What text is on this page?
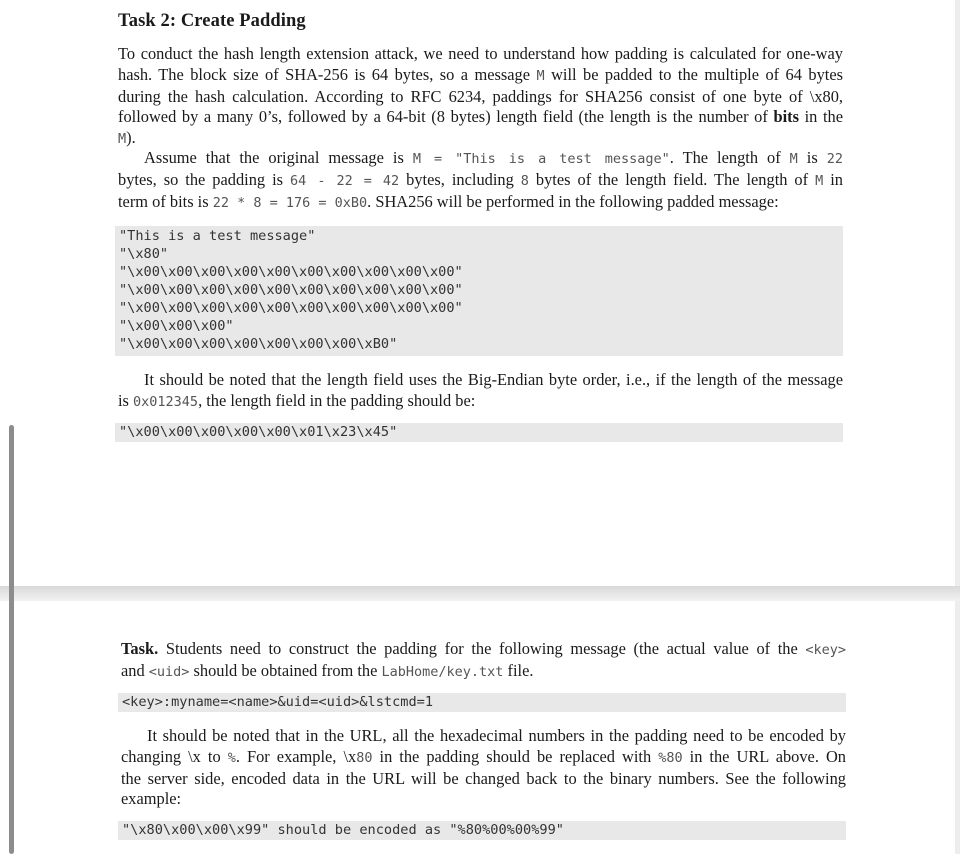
Task 2: Create Padding
To conduct the hash length extension attack, we need to understand how padding is calculated for one-way
hash. The block size of SHA-256 is 64 bytes, so a message M will be padded to the multiple of 64 bytes
during the hash calculation. According to RFC 6234, paddings for SHA256 consist of one byte of \x80,
followed by a many 0’s, followed by a 64-bit (8 bytes) length field (the length is the number of bits in the
M).
Assume that the original message is M = "This is a test message". The length of M is 22
bytes, so the padding is 64 - 22 = 42 bytes, including 8 bytes of the length field. The length of M in
term of bits is 22 * 8 = 176 = 0xB0. SHA256 will be performed in the following padded message:
"This is a test message"
"\x80"
"\x00\x00\x00\x00\x00\x00\x00\x00\x00\x00"
"\x00\x00\x00\x00\x00\x00\x00\x00\x00\x00"
"\x00\x00\x00\x00\x00\x00\x00\x00\x00\x00"
"\x00\x00\x00"
"\x00\x00\x00\x00\x00\x00\x00\xB0"
It should be noted that the length field uses the Big-Endian byte order, i.e., if the length of the message
is 0x012345, the length field in the padding should be:
"\x00\x00\x00\x00\x00\x01\x23\x45"
Task. Students need to construct the padding for the following message (the actual value of the <key>
and <uid> should be obtained from the LabHome/key.txt file.
<key>:myname=<name>&uid=<uid>&lstcmd=1
It should be noted that in the URL, all the hexadecimal numbers in the padding need to be encoded by
changing \x to %. For example, \x80 in the padding should be replaced with %80 in the URL above. On
the server side, encoded data in the URL will be changed back to the binary numbers. See the following
example:
"\x80\x00\x00\x99" should be encoded as "%80%00%00%99"
